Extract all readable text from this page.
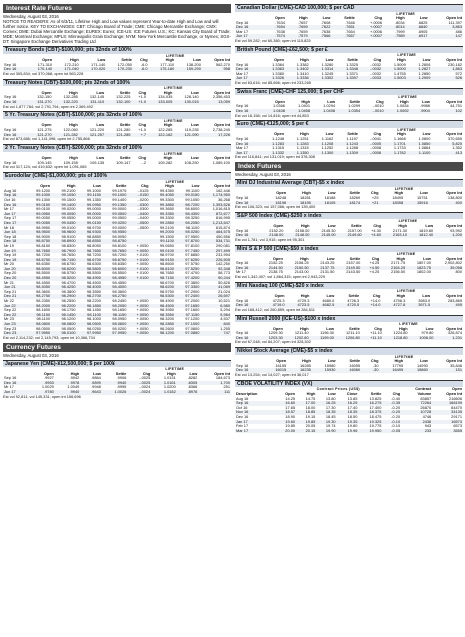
Interest Rate Futures
Wednesday, August 03, 2016
NOTICE TO READERS: As of 6/3/11, Lifetime High and Low values represent Year-to-date High and Low and will further notice. KEY TO EXCHANGES: CBT: Chicago Board of Trade; CME: Chicago Mercantile Exchange; CMX: Comex; DME: Dubai Mercantile Exchange; EUREX: Eurex; ICE-US: ICE Futures U.S.; KC: Kansas City Board of Trade; MDE: Montreal Exchange; MPLS: Minneapolis Grain Exchange; NYM: New York Mercantile Exchange, or Nymex; SGX-DT: Singapore Exchange Derivatives Trading Ltd
Treasury Bonds (CBT)-$100,000; pts 32nds of 100%
						LIFETIME		
	Open	High	Low	Settle	Chg	High	Low	Open Int
Sep 16	171-310	172-210	171-140	172-050	-6.0	177-110	138-200	562,270
Dec 16	170-140	171-040	170-020	170-230	-6.0	175-180	159-290	958
Est vol 305,834; vol 370,068; open int 563,228
Treasury Notes (CBT)-$100,000; pts 32nds of 100%
						LIFETIME		
	Open	High	Low	Settle	Chg	High	Low	Open Int
Sep 16	132-150	132-285	132-145	132-225	+1.0	134-035	128-140	2,356,453
Dec 16	131-270	132-220	131-110	132-100	+1.0	133-005	130-015	13,059
Est vol 1,877,784; vol 2,791,794; open int 2,369,492
5 Yr. Treasury Notes (CBT)-$100,000; pts 32nds of 100%
						LIFETIME		
	Open	High	Low	Settle	Chg	High	Low	Open Int
Sep 16	121-275	122-060	121-220	121-280	+1.0	122-285	119-235	2,738,240
Dec 16	121-270	121-282	121-257	121-285	+.7	122-162	121-090	17,226
Est vol 873,686; vol 1,141,096; open int 2,755,866
2 Yr. Treasury Notes (CBT)-$200,000; pts 32nds of 100%
						LIFETIME		
	Open	High	Low	Settle	Chg	High	Low	Open Int
Sep 16	109-145	109-155	109-135	109-147	-.2	109-282	108-250	1,089,100
Est vol 317,124; vol 419,632; open int 1,091,065
Eurodollar (CME)-$1,000,000; pts of 100%
						LIFETIME		
	Open	High	Low	Settle	Chg	High	Low	Open Int
Aug 16	99.1200	99.2100	99.1000	99.1975	-.0125	99.4350	99.1100	162,446
Sep 16	99.1000	99.1050	99.1150	99.1000	-.0150	99.4050	99.0150	1,174,950
Oct 16	99.1300	99.1500	99.1350	99.1400	-.0200	99.3300	99.1050	36,268
Dec 16	99.0150	99.1400	99.0950	99.1350	-.0300	99.3850	98.7200	1,393,526
Mr 17	99.0100	99.0200	99.0000	99.0000	-.0300	99.3650	98.6000	1,016,815
Jun 17	99.0950	99.0050	99.0000	99.0500	-.0400	99.3350	98.4300	872,677
Sep 17	99.0050	99.0550	99.0000	99.0500	-.0400	99.3300	98.3250	816,995
Dec 17	99.0050	99.0450	99.0150	99.0200	-.0500	99.2850	98.2050	1,213,547
Mr 18	98.9950	99.0100	98.9700	99.0000	-.0500	99.2100	98.1100	615,874
Jun 18	98.9500	98.9600	98.9300	98.9550		99.2000	98.0250	464,575
Sep 18	98.9000	98.9100	98.8850	98.9050		99.1500	97.9500	450,556
Dec 18	98.8750	98.8900	98.8550	98.8750		99.1100	97.8700	534,731
Mr 19	98.8150	98.8300	98.8050	98.8100	+.0050	99.0650	97.8100	290,081
Jun 19	98.7650	98.7900	98.7650	98.7650	+.0050	99.0100	97.7450	297,499
Sep 19	98.7200	98.7650	98.7200	98.7200	+.0100	98.9700	97.6850	231,994
Dec 19	98.6750	98.7150	98.6700	98.6750	+.0100	98.9150	97.6250	226,505
Mr 20	98.6350	98.6750	98.6300	98.6350	+.0050	98.8600	97.5750	142,250
Jun 20	98.6000	98.6200	98.5800	98.6000	+.0100	98.8100	97.5250	92,348
Sep 20	98.5500	98.5750	98.5500	98.5500	+.0100	98.7650	97.4700	58,773
Dec 20	98.4950	98.5200	98.4900	98.4950	+.0100	98.7150	97.4200	90,244
Mr 21	98.4550	98.4700	98.4500	98.4550		98.6700	97.3800	50,826
Jun 21	98.4050	98.4250	98.4000	98.4000		98.6200	97.3300	41,069
Sep 21	98.3600	98.3800	98.3550	98.3600		98.5750	97.2900	21,024
Dec 21	98.2750	98.2900	98.2700	98.2750		98.5300	97.2400	26,697
Mr 22	98.2350	98.2550	98.2200	98.2450	+.0050	98.4900	97.2000	10,521
Jun 22	98.2000	98.2200	98.1850	98.2050	+.0050	98.4500	97.1650	6,980
Sep 22	98.1600	98.1750	98.1450	98.1650	+.0050	98.3950	97.1600	5,294
Dec 22	98.1150	98.1450	98.1100	98.1150	+.0050	98.3550	97.1150	5,984
Mr 23	98.1100	98.1200	98.1000	98.0950	+.0050	98.3200	97.1200	4,537
Jun 23	98.0800	98.0800	98.0500	98.0600	+.0050	98.2850	97.1000	840
Sep 23	98.0500	98.0500	98.0250	98.0200	+.0050	98.2600	97.0800	1,255
Dec 23	97.9950	98.0100	97.9950	97.9950	+.0050	98.1200	97.0850	747
Est vol 2,114,232; vol 2,145,793; open int 10,366,734
Currency Futures
Wednesday, August 03, 2016
Japanese Yen (CME)-¥12,500,000; $ per 100¥
						LIFETIME		
	Open	High	Low	Settle	Chg	High	Low	Open Int
Sep 16	.9927	.9942	.9864	.9906	-.0025	1.0131	.8282	184,673
Dec 16	.9953	.9978	.9899	.9940	-.0025	1.0161	.8305	1,700
Mr 17	1.0029	1.0049	.9948	.9995	-.0024	1.0200	.8366	251
Jun 17	.9780	.9940	.9643	1.0026	-.0024	1.0182	.8976	111
Est vol 92,811; vol 145,331; open int 156,696
Canadian Dollar (CME)-CAD 100,000; $ per CAD
						LIFETIME		
	Open	High	Low	Settle	Chg	High	Low	Open Int
Sep 16	.7634	.7657	.7608	.7646	+.0006	.8034	.6825	111,397
Dec 16	.7654	.7659	.7622	.7651	+.0007	.8014	.6840	3,863
Mar 17	.7638	.7659	.7638	.7654	+.0006	.7999	.6905	486
Jun 17	.7574	.7579	.7566	.7657	+.0007	.7989	.6917	147
Est vol 59,282; vol 60,380; open int 115,825
British Pound (CME)-£62,500; $ per £
						LIFETIME		
	Open	High	Low	Settle	Chg	High	Low	Open Int
Sep 16	1.3364	1.3382	1.3280	1.3325	-.0032	1.5009	1.2806	230,182
Dec 16	1.3363	1.3402	1.3314	1.3348	-.0032	1.5000	1.2827	1,863
Mar 17	1.3380	1.3410	1.3245	1.3371	-.0032	1.4755	1.2850	572
Jun 17	1.3326	1.3336	1.3302	1.3397	-.0033	1.5003	1.2909	526
Est vol 63,616; vol 85,666; open int 233,265
Swiss Franc (CME)-CHF 125,000; $ per CHF
						LIFETIME		
	Open	High	Low	Settle	Chg	High	Low	Open Int
Sep 16	1.0366	1.0401	1.0294	1.0299	-.0010	1.0634	.9988	44,751
Dec 16	1.0408	1.0458	1.0408	1.0354	-.0010	1.0692	.9904	102
Est vol 18,158; vol 14,816; open int 44,853
Euro (CME)-€125,000; $ per €
						LIFETIME		
	Open	High	Low	Settle	Chg	High	Low	Open Int
Sep 16	1.1248	1.1251	1.1162	1.1197	-.0041	1.1666	1.0800	370,655
Dec 16	1.1283	1.1283	1.1208	1.1243	-.0005	1.1701	1.0850	5,820
Mar 17	1.1315	1.1315	1.1252	1.1288	-.0008	1.1733	1.0864	1,352
Jun 17	1.1332	1.1350	1.1300	1.1309	-.0008	1.1782	1.1100	413
Est vol 116,841; vol 131,019; open int 378,308
Index Futures
Wednesday, August 03, 2016
Mini DJ Industrial Average (CBT)-$5 x index
						LIFETIME		
	Open	High	Low	Settle	Chg	High	Low	Open Int
Sep 16	18248	18281	18188	18269	+25	18495	15751	138,800
Dec 16	18196	18195	18105	18174	+21	18398	15916	400
Est vol 106,323; vol 157,066; open int 139,400
S&P 500 Index (CME)-$250 x index
						LIFETIME		
	Open	High	Low	Settle	Chg	High	Low	Open Int
Sep 16	2152.20	2158.00	2145.30	2157.00	+4.30	2171.30	1819.80	93,992
Dec 16	2148.00	2148.00	2145.00	2149.60	+4.60	2163.10	1812.40	1,200
Est vol 1,781; vol 3,915; open int 95,301
Mini S & P 500 (CME)-$50 x index
						LIFETIME		
	Open	High	Low	Settle	Chg	High	Low	Open Int
Sep 16	2152.25	2158.25	2143.25	2157.00	+4.25	2171.75	1807.00	2,902,802
Dec 16	2144.50	2150.50	2137.75	2149.50	+4.50	2164.25	1823.75	39,058
Mr 17	2138.75	2143.00	2131.50	2143.50	+4.25	2156.50	1802.00	800
Est vol 1,342,407; vol 1,864,315; open int 2,943,229
Mini Nasdaq 100 (CME)-$20 x index
						LIFETIME		
	Open	High	Low	Settle	Chg	High	Low	Open Int
Sep 16	4725.3	4729.3	4680.0	4726.3	+14.0	4756.3	3983.0	283,865
Dec 16	4719.0	4723.5	4682.5	4720.5	+14.0	4727.8	3971.5	495
Est vol 168,412; vol 260,859; open int 284,511
Mini Russell 2000 (ICE-US)-$100 x index
						LIFETIME		
	Open	High	Low	Settle	Chg	High	Low	Open Int
Sep 16	1209.30	1211.40	1196.30	1211.10	+11.10	1224.80	979.80	326,874
Dec 16	1203.30	1202.80	1199.00	1206.80	+11.10	1218.80	1006.00	1,231
Est vol 67,048; vol 84,207; open int 328,302
Nikkei Stock Average (CME)-$5 x index
						LIFETIME		
	Open	High	Low	Settle	Chg	High	Low	Open Int
Sep 16	16155	16285	15980	16095	-30	17795	14990	35,846
Dec 16	16015	16235	15930	16060	-30	16495	15860	151
Est vol 13,254; vol 14,027; open int 36,017
CBOE VOLATILITY INDEX (VX)
	Contract Prices (US$)						Contract	Open
Description	Open	High	Low	Close	Settle	Chg	Volume	Open Int
Aug 16	14.25	14.75	13.80	13.85	13.825	-0.40	83857	216606
Sep 16	16.60	17.00	16.25	16.25	16.275	-0.35	72264	168199
Oct 16	17.65	18.00	17.30	17.40	17.400	-0.20	26870	84470
Nov 16	18.57	18.85	18.35	18.35	18.375	-0.20	10728	34135
Dec 16	18.90	19.15	18.45	18.50	18.475	-0.20	4746	29171
Jan 17	19.60	19.85	19.30	19.35	19.325	-0.10	2436	16573
Feb 17	19.85	20.05	19.74	19.80	19.775	-0.10	943	6573
Mar 17	20.00	20.15	19.90	19.96	19.950	-0.05	233	3555
